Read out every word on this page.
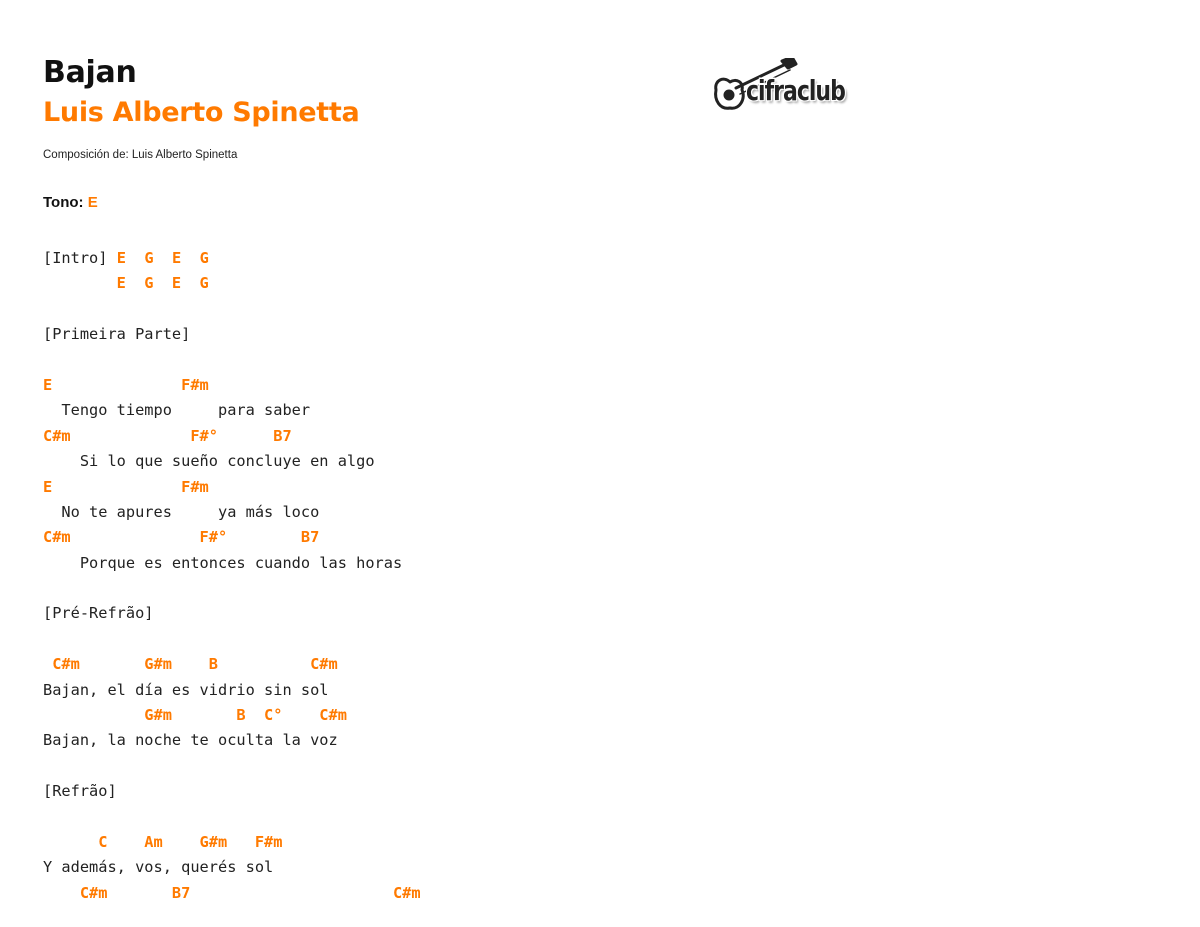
Bajan
Luis Alberto Spinetta
Composición de: Luis Alberto Spinetta
Tono: E
cifraclub
[Intro] E  G  E  G
E  G  E  G
[Primeira Parte]
E              F#m
Tengo tiempo     para saber
C#m             F#°      B7
Si lo que sueño concluye en algo
E              F#m
No te apures     ya más loco
C#m              F#°        B7
Porque es entonces cuando las horas
[Pré-Refrão]
C#m       G#m    B          C#m
Bajan, el día es vidrio sin sol
G#m       B  C°    C#m
Bajan, la noche te oculta la voz
[Refrão]
C    Am    G#m   F#m
Y además, vos, querés sol
C#m       B7                      C#m
